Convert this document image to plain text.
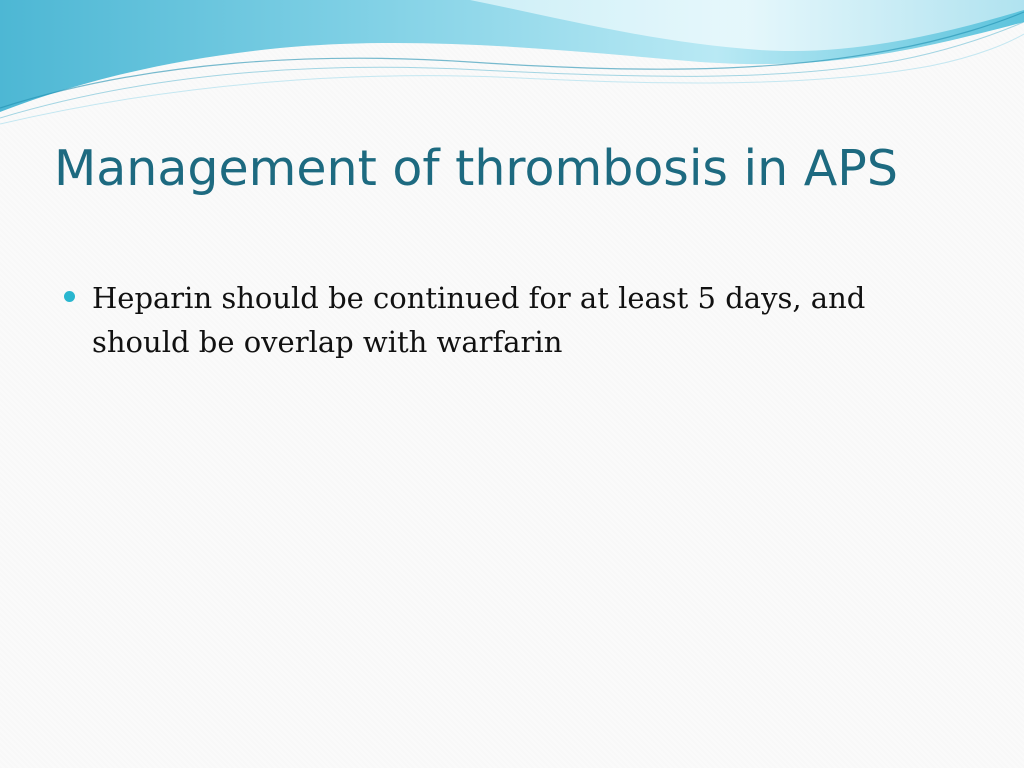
Management of thrombosis in APS
Heparin should be continued for at least 5 days, and should be overlap with warfarin
